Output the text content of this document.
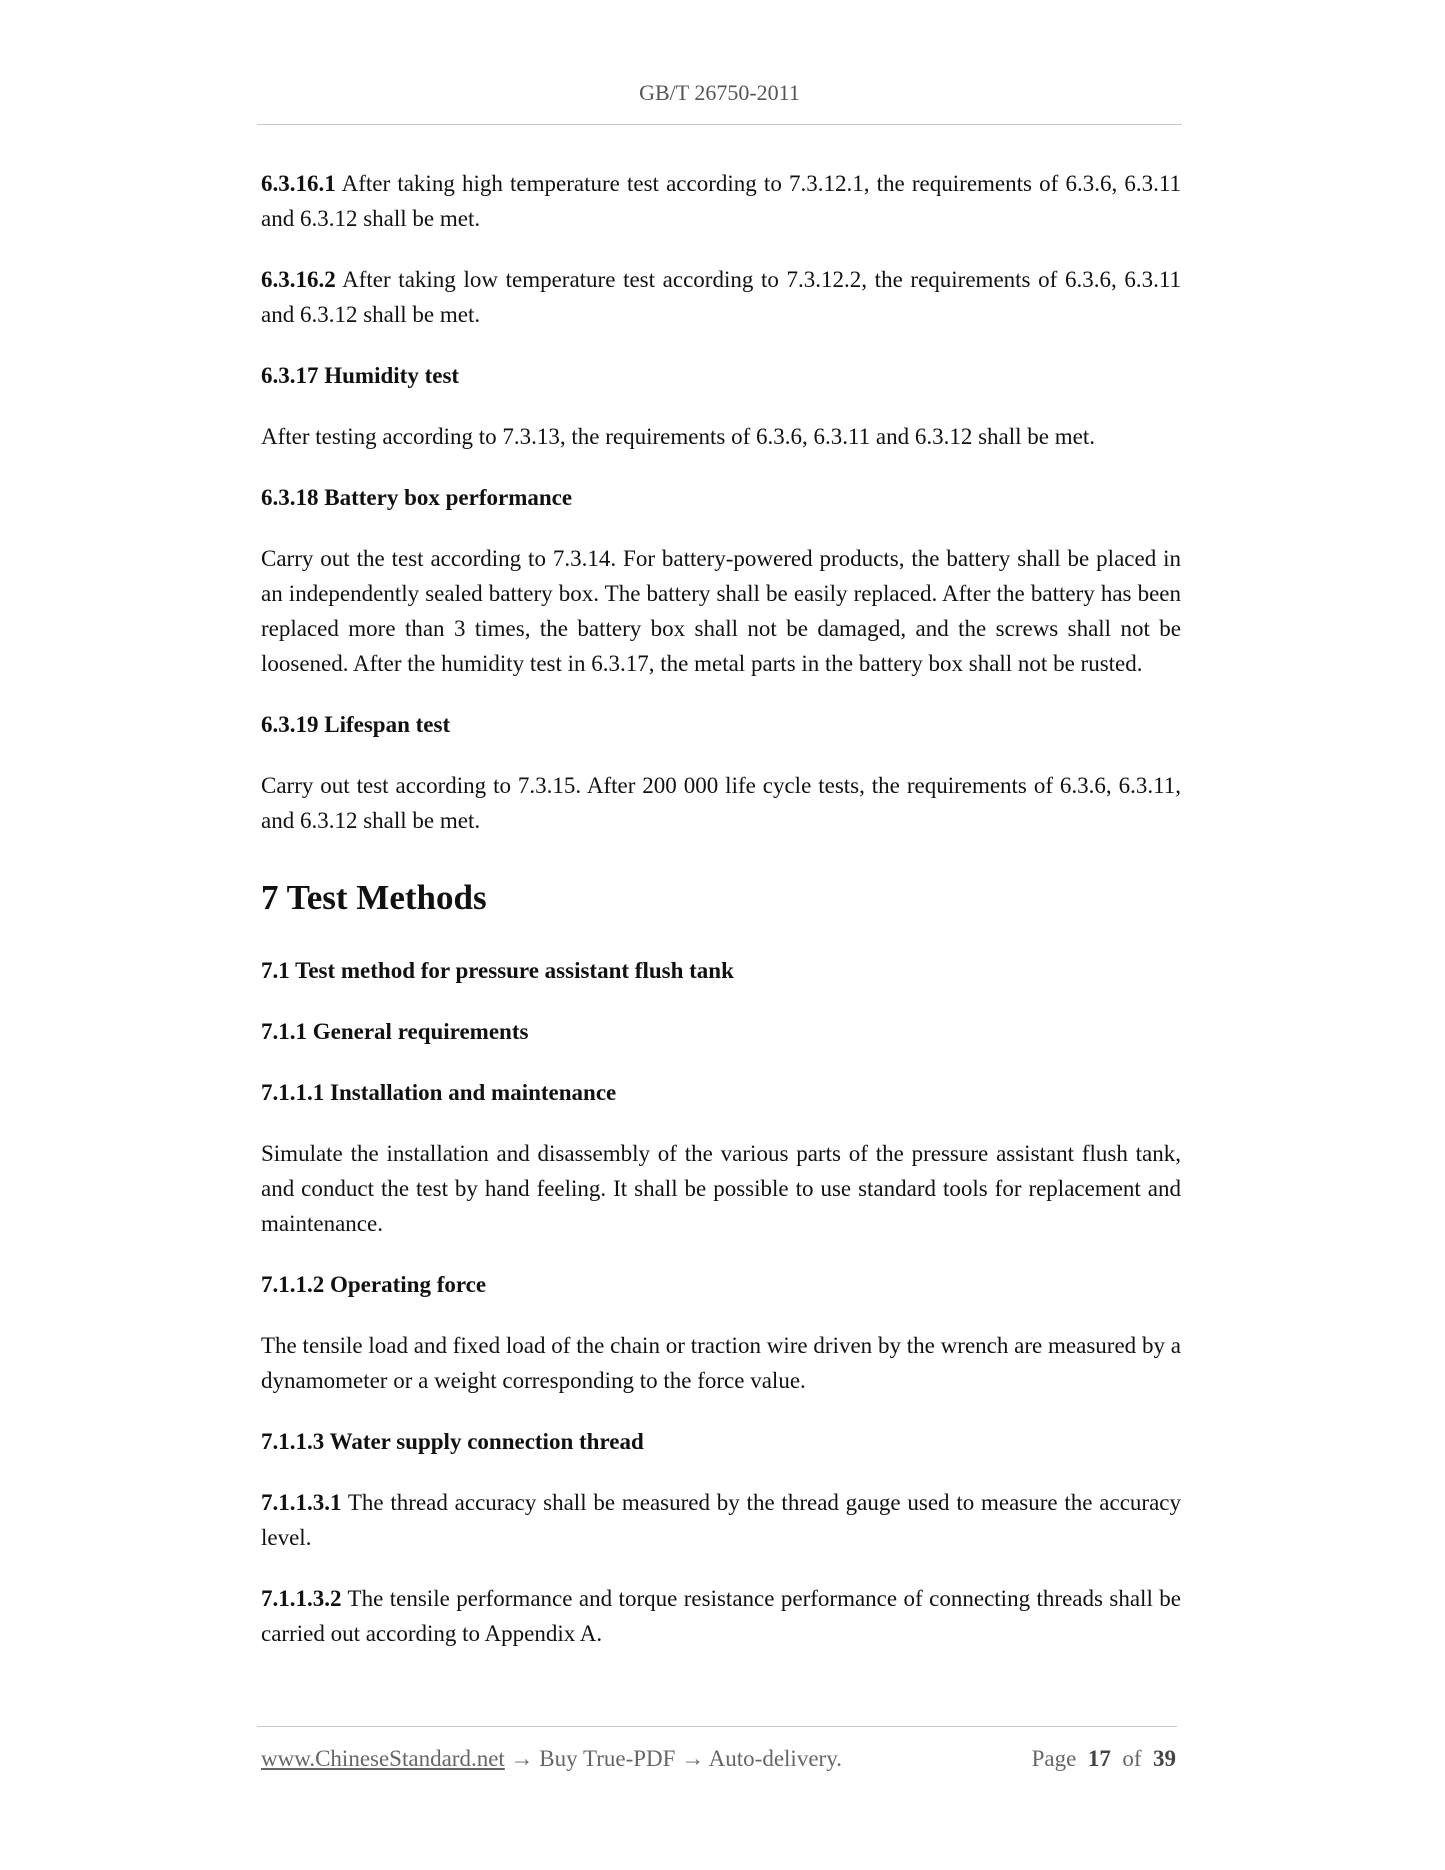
GB/T 26750-2011

6.3.16.1 After taking high temperature test according to 7.3.12.1, the requirements of 6.3.6, 6.3.11 and 6.3.12 shall be met.

6.3.16.2 After taking low temperature test according to 7.3.12.2, the requirements of 6.3.6, 6.3.11 and 6.3.12 shall be met.

6.3.17 Humidity test

After testing according to 7.3.13, the requirements of 6.3.6, 6.3.11 and 6.3.12 shall be met.

6.3.18 Battery box performance

Carry out the test according to 7.3.14. For battery-powered products, the battery shall be placed in an independently sealed battery box. The battery shall be easily replaced. After the battery has been replaced more than 3 times, the battery box shall not be damaged, and the screws shall not be loosened. After the humidity test in 6.3.17, the metal parts in the battery box shall not be rusted.

6.3.19 Lifespan test

Carry out test according to 7.3.15. After 200 000 life cycle tests, the requirements of 6.3.6, 6.3.11, and 6.3.12 shall be met.

7 Test Methods

7.1 Test method for pressure assistant flush tank

7.1.1 General requirements

7.1.1.1 Installation and maintenance

Simulate the installation and disassembly of the various parts of the pressure assistant flush tank, and conduct the test by hand feeling. It shall be possible to use standard tools for replacement and maintenance.

7.1.1.2 Operating force

The tensile load and fixed load of the chain or traction wire driven by the wrench are measured by a dynamometer or a weight corresponding to the force value.

7.1.1.3 Water supply connection thread

7.1.1.3.1 The thread accuracy shall be measured by the thread gauge used to measure the accuracy level.

7.1.1.3.2 The tensile performance and torque resistance performance of connecting threads shall be carried out according to Appendix A.

www.ChineseStandard.net → Buy True-PDF → Auto-delivery.	Page 17 of 39
